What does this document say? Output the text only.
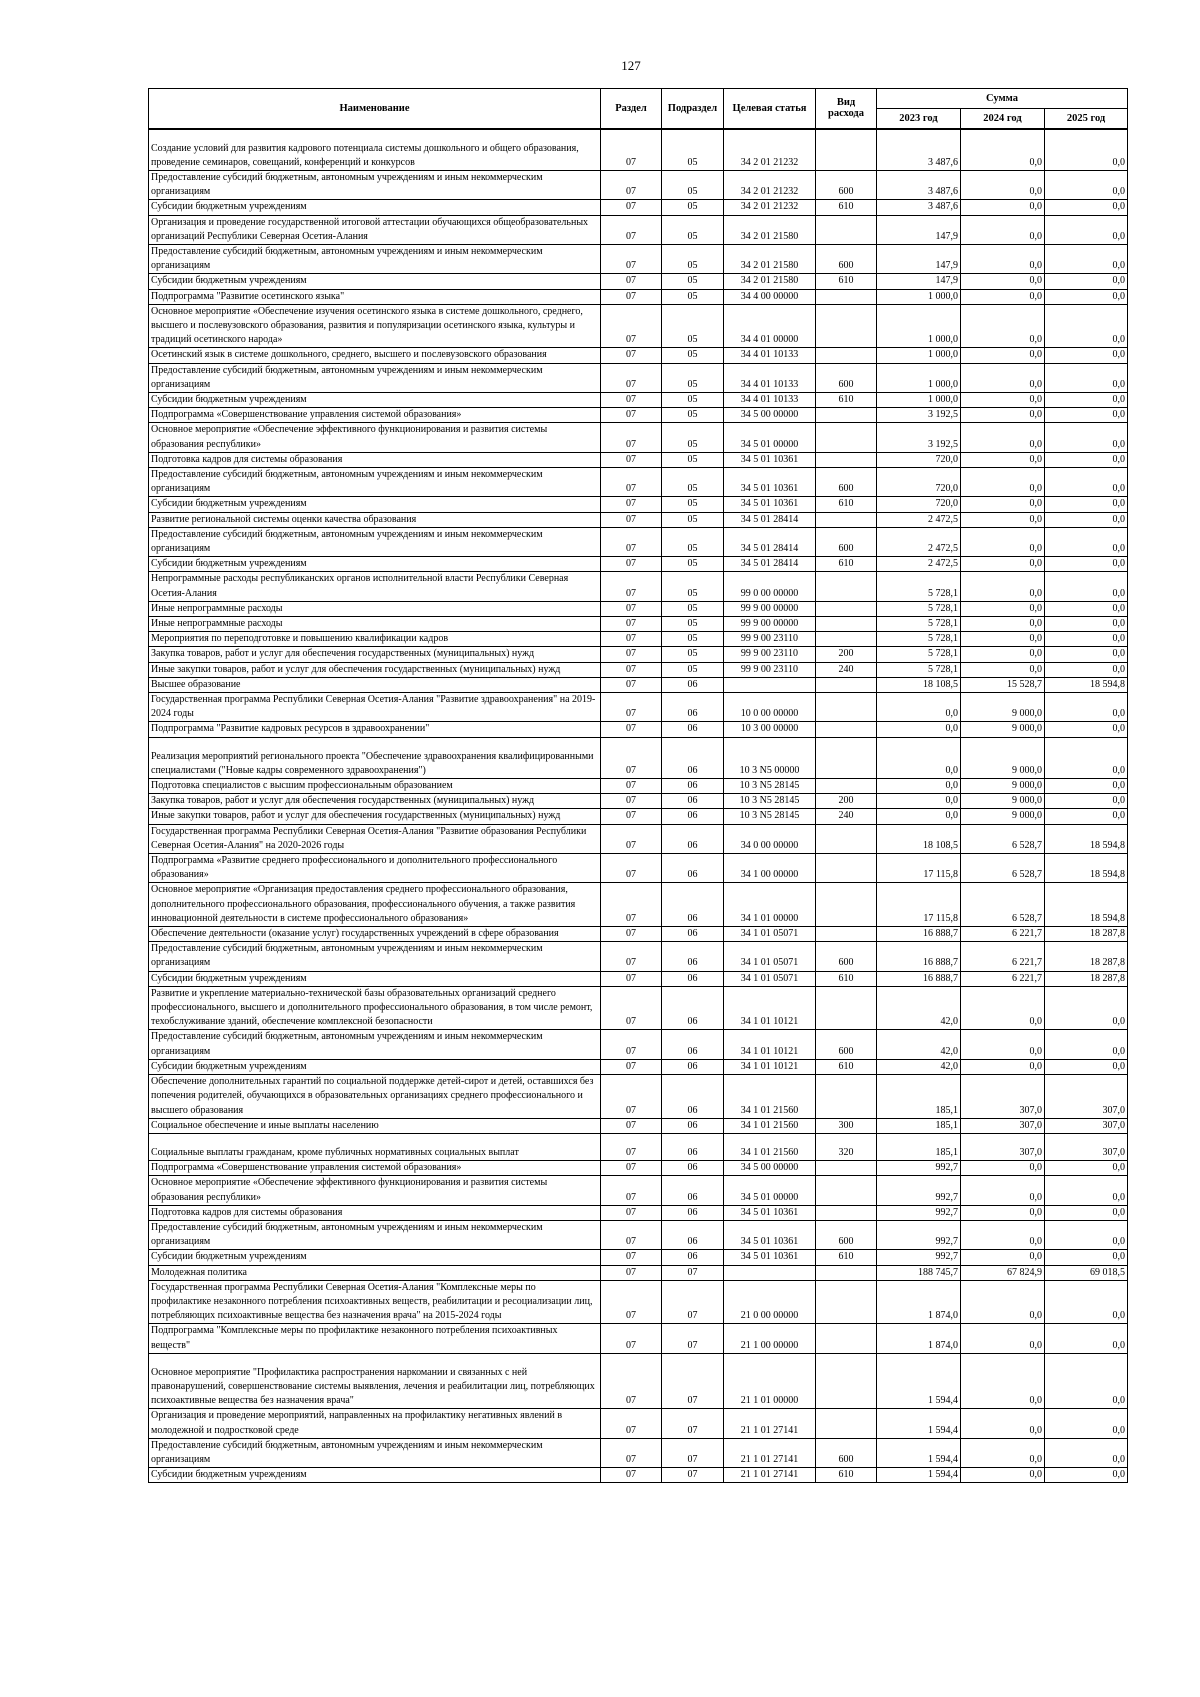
127
Наименование	Раздел	Подраздел	Целевая статья	Вид расхода	Сумма		
					2023 год	2024 год	2025 год

Создание условий для развития кадрового потенциала системы дошкольного и общего образования, проведение семинаров, совещаний, конференций и конкурсов	07	05	34 2 01 21232		3 487,6	0,0	0,0
Предоставление субсидий бюджетным, автономным учреждениям и иным некоммерческим организациям	07	05	34 2 01 21232	600	3 487,6	0,0	0,0
Субсидии бюджетным учреждениям	07	05	34 2 01 21232	610	3 487,6	0,0	0,0
Организация и проведение государственной итоговой аттестации обучающихся общеобразовательных организаций Республики Северная Осетия-Алания	07	05	34 2 01 21580		147,9	0,0	0,0
Предоставление субсидий бюджетным, автономным учреждениям и иным некоммерческим организациям	07	05	34 2 01 21580	600	147,9	0,0	0,0
Субсидии бюджетным учреждениям	07	05	34 2 01 21580	610	147,9	0,0	0,0
Подпрограмма "Развитие осетинского языка"	07	05	34 4 00 00000		1 000,0	0,0	0,0
Основное мероприятие «Обеспечение изучения осетинского языка в системе дошкольного, среднего, высшего и послевузовского образования, развития и популяризации осетинского языка, культуры и традиций осетинского народа»	07	05	34 4 01 00000		1 000,0	0,0	0,0
Осетинский язык в системе дошкольного, среднего, высшего и послевузовского образования	07	05	34 4 01 10133		1 000,0	0,0	0,0
Предоставление субсидий бюджетным, автономным учреждениям и иным некоммерческим организациям	07	05	34 4 01 10133	600	1 000,0	0,0	0,0
Субсидии бюджетным учреждениям	07	05	34 4 01 10133	610	1 000,0	0,0	0,0
Подпрограмма «Совершенствование управления системой образования»	07	05	34 5 00 00000		3 192,5	0,0	0,0
Основное мероприятие «Обеспечение эффективного функционирования и развития системы образования республики»	07	05	34 5 01 00000		3 192,5	0,0	0,0
Подготовка кадров для системы образования	07	05	34 5 01 10361		720,0	0,0	0,0
Предоставление субсидий бюджетным, автономным учреждениям и иным некоммерческим организациям	07	05	34 5 01 10361	600	720,0	0,0	0,0
Субсидии бюджетным учреждениям	07	05	34 5 01 10361	610	720,0	0,0	0,0
Развитие региональной системы оценки качества образования	07	05	34 5 01 28414		2 472,5	0,0	0,0
Предоставление субсидий бюджетным, автономным учреждениям и иным некоммерческим организациям	07	05	34 5 01 28414	600	2 472,5	0,0	0,0
Субсидии бюджетным учреждениям	07	05	34 5 01 28414	610	2 472,5	0,0	0,0
Непрограммные расходы республиканских органов исполнительной власти Республики Северная Осетия-Алания	07	05	99 0 00 00000		5 728,1	0,0	0,0
Иные непрограммные расходы	07	05	99 9 00 00000		5 728,1	0,0	0,0
Иные непрограммные расходы	07	05	99 9 00 00000		5 728,1	0,0	0,0
Мероприятия по переподготовке и повышению квалификации кадров	07	05	99 9 00 23110		5 728,1	0,0	0,0
Закупка товаров, работ и услуг для обеспечения государственных (муниципальных) нужд	07	05	99 9 00 23110	200	5 728,1	0,0	0,0
Иные закупки товаров, работ и услуг для обеспечения государственных (муниципальных) нужд	07	05	99 9 00 23110	240	5 728,1	0,0	0,0
Высшее образование	07	06			18 108,5	15 528,7	18 594,8
Государственная программа Республики Северная Осетия-Алания "Развитие здравоохранения" на 2019-2024 годы	07	06	10 0 00 00000		0,0	9 000,0	0,0
Подпрограмма "Развитие кадровых ресурсов в здравоохранении"	07	06	10 3 00 00000		0,0	9 000,0	0,0

Реализация мероприятий регионального проекта "Обеспечение здравоохранения квалифицированными специалистами ("Новые кадры современного здравоохранения")	07	06	10 3 N5 00000		0,0	9 000,0	0,0
Подготовка специалистов с высшим профессиональным образованием	07	06	10 3 N5 28145		0,0	9 000,0	0,0
Закупка товаров, работ и услуг для обеспечения государственных (муниципальных) нужд	07	06	10 3 N5 28145	200	0,0	9 000,0	0,0
Иные закупки товаров, работ и услуг для обеспечения государственных (муниципальных) нужд	07	06	10 3 N5 28145	240	0,0	9 000,0	0,0
Государственная программа Республики Северная Осетия-Алания "Развитие образования Республики Северная Осетия-Алания" на 2020-2026 годы	07	06	34 0 00 00000		18 108,5	6 528,7	18 594,8
Подпрограмма «Развитие среднего профессионального и дополнительного профессионального образования»	07	06	34 1 00 00000		17 115,8	6 528,7	18 594,8
Основное мероприятие «Организация предоставления среднего профессионального образования, дополнительного профессионального образования, профессионального обучения, а также развития инновационной деятельности в системе профессионального образования»	07	06	34 1 01 00000		17 115,8	6 528,7	18 594,8
Обеспечение деятельности (оказание услуг) государственных учреждений в сфере образования	07	06	34 1 01 05071		16 888,7	6 221,7	18 287,8
Предоставление субсидий бюджетным, автономным учреждениям и иным некоммерческим организациям	07	06	34 1 01 05071	600	16 888,7	6 221,7	18 287,8
Субсидии бюджетным учреждениям	07	06	34 1 01 05071	610	16 888,7	6 221,7	18 287,8
Развитие и укрепление материально-технической базы образовательных организаций среднего профессионального, высшего и дополнительного профессионального образования, в том числе ремонт, техобслуживание зданий, обеспечение комплексной безопасности	07	06	34 1 01 10121		42,0	0,0	0,0
Предоставление субсидий бюджетным, автономным учреждениям и иным некоммерческим организациям	07	06	34 1 01 10121	600	42,0	0,0	0,0
Субсидии бюджетным учреждениям	07	06	34 1 01 10121	610	42,0	0,0	0,0
Обеспечение дополнительных гарантий по социальной поддержке детей-сирот и детей, оставшихся без попечения родителей, обучающихся в образовательных организациях среднего профессионального и высшего образования	07	06	34 1 01 21560		185,1	307,0	307,0
Социальное обеспечение и иные выплаты населению	07	06	34 1 01 21560	300	185,1	307,0	307,0

Социальные выплаты гражданам, кроме публичных нормативных социальных выплат	07	06	34 1 01 21560	320	185,1	307,0	307,0
Подпрограмма «Совершенствование управления системой образования»	07	06	34 5 00 00000		992,7	0,0	0,0
Основное мероприятие «Обеспечение эффективного функционирования и развития системы образования республики»	07	06	34 5 01 00000		992,7	0,0	0,0
Подготовка кадров для системы образования	07	06	34 5 01 10361		992,7	0,0	0,0
Предоставление субсидий бюджетным, автономным учреждениям и иным некоммерческим организациям	07	06	34 5 01 10361	600	992,7	0,0	0,0
Субсидии бюджетным учреждениям	07	06	34 5 01 10361	610	992,7	0,0	0,0
Молодежная политика	07	07			188 745,7	67 824,9	69 018,5
Государственная программа Республики Северная Осетия-Алания "Комплексные меры по профилактике незаконного потребления психоактивных веществ, реабилитации и ресоциализации лиц, потребляющих психоактивные вещества без назначения врача" на 2015-2024 годы	07	07	21 0 00 00000		1 874,0	0,0	0,0
Подпрограмма "Комплексные меры по профилактике незаконного потребления психоактивных веществ"	07	07	21 1 00 00000		1 874,0	0,0	0,0

Основное мероприятие "Профилактика распространения наркомании и связанных с ней правонарушений, совершенствование системы выявления, лечения и реабилитации лиц, потребляющих психоактивные вещества без назначения врача"	07	07	21 1 01 00000		1 594,4	0,0	0,0
Организация и проведение мероприятий, направленных на профилактику негативных явлений в молодежной и подростковой среде	07	07	21 1 01 27141		1 594,4	0,0	0,0
Предоставление субсидий бюджетным, автономным учреждениям и иным некоммерческим организациям	07	07	21 1 01 27141	600	1 594,4	0,0	0,0
Субсидии бюджетным учреждениям	07	07	21 1 01 27141	610	1 594,4	0,0	0,0
